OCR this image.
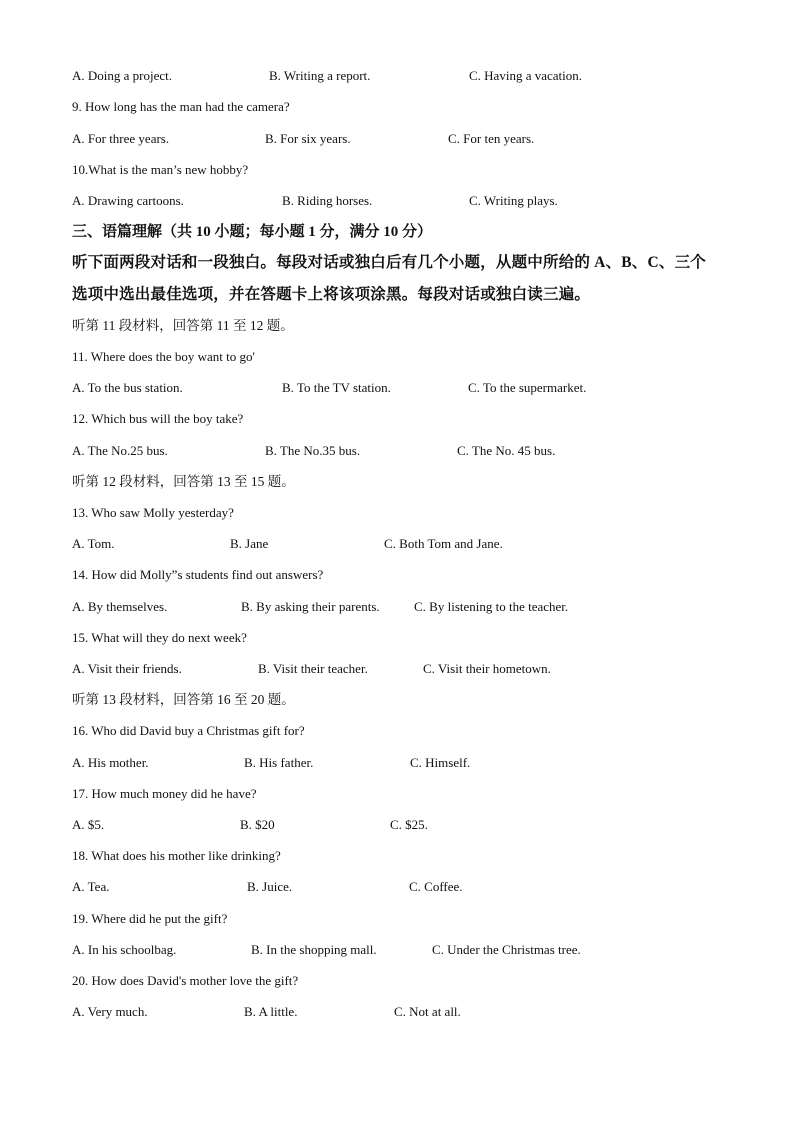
A. Doing a project.	B. Writing a report.	C. Having a vacation.
9. How long has the man had the camera?
A. For three years.	B. For six years.	C. For ten years.
10.What is the man’s new hobby?
A. Drawing cartoons.	B. Riding horses.	C. Writing plays.
三、语篇理解（共 10 小题；每小题 1 分，满分 10 分）
听下面两段对话和一段独白。每段对话或独白后有几个小题，从题中所给的 A、B、C、三个
选项中选出最佳选项，并在答题卡上将该项涂黑。每段对话或独白读三遍。
听第 11 段材料，回答第 11 至 12 题。
11. Where does the boy want to go'
A. To the bus station.	B. To the TV station.	C. To the supermarket.
12. Which bus will the boy take?
A. The No.25 bus.	B. The No.35 bus.	C. The No. 45 bus.
听第 12 段材料，回答第 13 至 15 题。
13. Who saw Molly yesterday?
A. Tom.	B. Jane	C. Both Tom and Jane.
14. How did Molly”s students find out answers?
A. By themselves.	B. By asking their parents.	C. By listening to the teacher.
15. What will they do next week?
A. Visit their friends.	B. Visit their teacher.	C. Visit their hometown.
听第 13 段材料，回答第 16 至 20 题。
16. Who did David buy a Christmas gift for?
A. His mother.	B. His father.	C. Himself.
17. How much money did he have?
A. $5.	B. $20	C. $25.
18. What does his mother like drinking?
A. Tea.	B. Juice.	C. Coffee.
19. Where did he put the gift?
A. In his schoolbag.	B. In the shopping mall.	C. Under the Christmas tree.
20. How does David's mother love the gift?
A. Very much.	B. A little.	C. Not at all.
